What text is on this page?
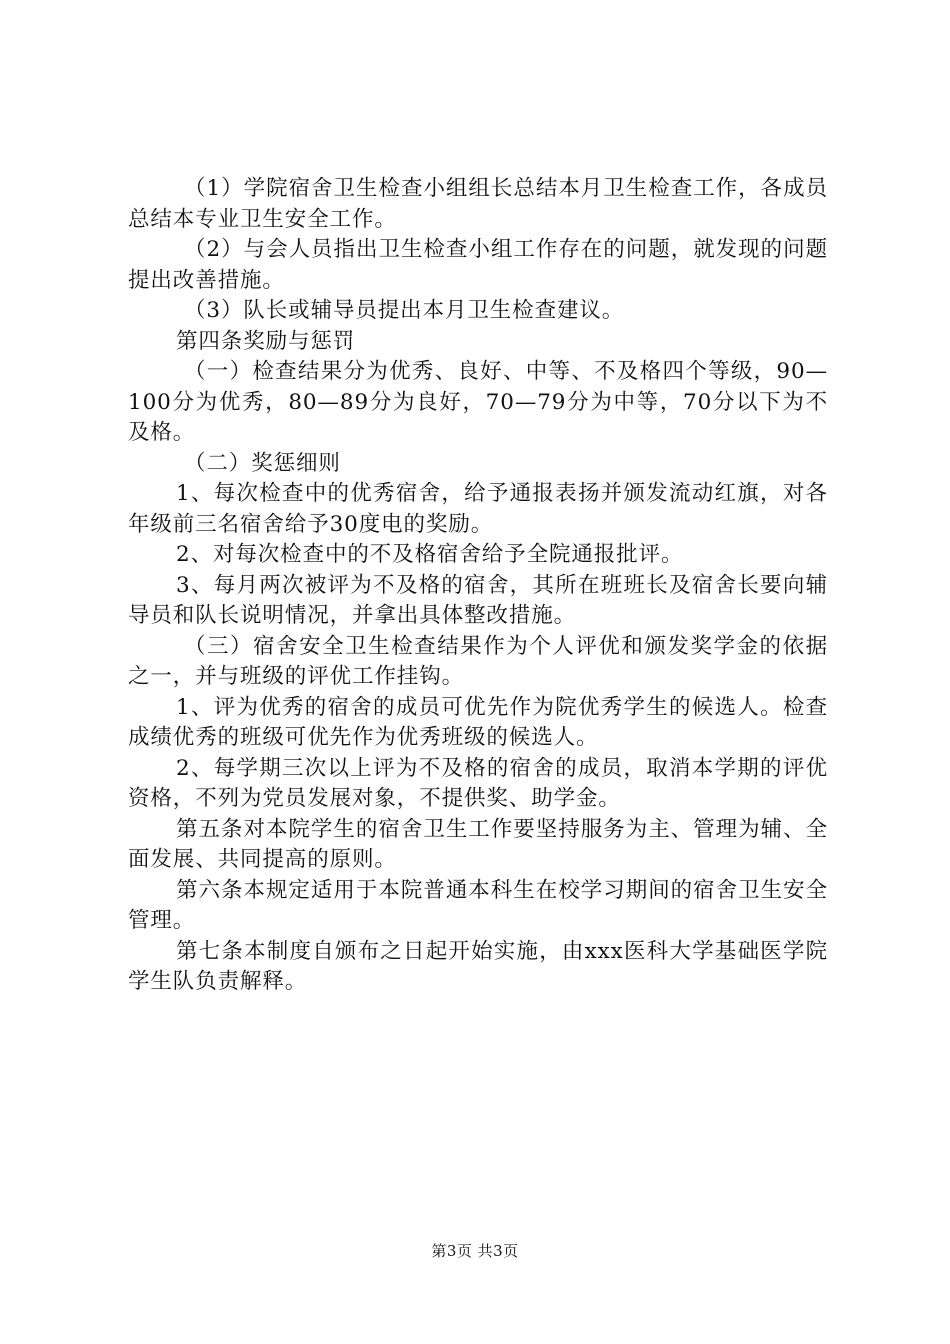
（1）学院宿舍卫生检查小组组长总结本月卫生检查工作，各成员总结本专业卫生安全工作。

（2）与会人员指出卫生检查小组工作存在的问题，就发现的问题提出改善措施。

（3）队长或辅导员提出本月卫生检查建议。

第四条奖励与惩罚

（一）检查结果分为优秀、良好、中等、不及格四个等级，90—100分为优秀，80—89分为良好，70—79分为中等，70分以下为不及格。

（二）奖惩细则

1、每次检查中的优秀宿舍，给予通报表扬并颁发流动红旗，对各年级前三名宿舍给予30度电的奖励。

2、对每次检查中的不及格宿舍给予全院通报批评。

3、每月两次被评为不及格的宿舍，其所在班班长及宿舍长要向辅导员和队长说明情况，并拿出具体整改措施。

（三）宿舍安全卫生检查结果作为个人评优和颁发奖学金的依据之一，并与班级的评优工作挂钩。

1、评为优秀的宿舍的成员可优先作为院优秀学生的候选人。检查成绩优秀的班级可优先作为优秀班级的候选人。

2、每学期三次以上评为不及格的宿舍的成员，取消本学期的评优资格，不列为党员发展对象，不提供奖、助学金。

第五条对本院学生的宿舍卫生工作要坚持服务为主、管理为辅、全面发展、共同提高的原则。

第六条本规定适用于本院普通本科生在校学习期间的宿舍卫生安全管理。

第七条本制度自颁布之日起开始实施，由xxx医科大学基础医学院学生队负责解释。

第3页 共3页
